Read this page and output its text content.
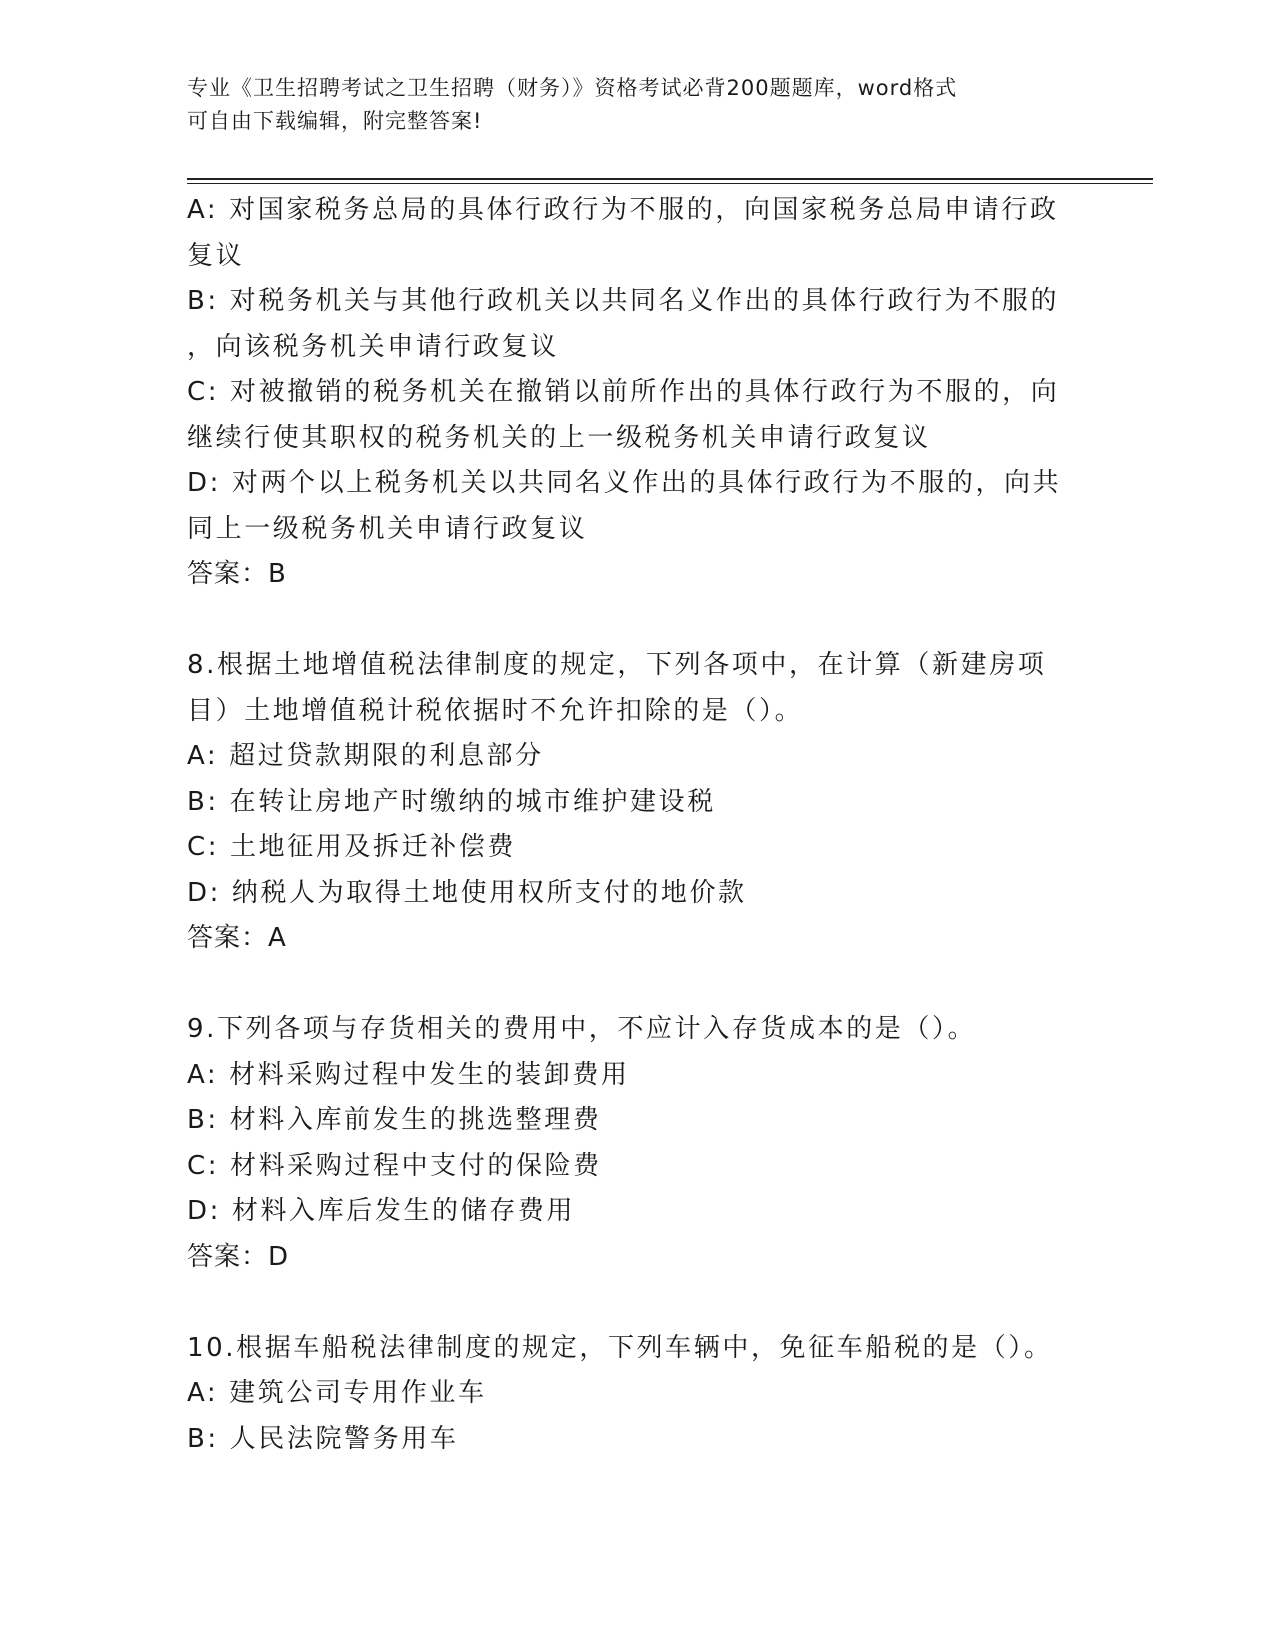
专业《卫生招聘考试之卫生招聘（财务）》资格考试必背200题题库，word格式
可自由下载编辑，附完整答案!
A: 对国家税务总局的具体行政行为不服的，向国家税务总局申请行政
复议
B: 对税务机关与其他行政机关以共同名义作出的具体行政行为不服的
，向该税务机关申请行政复议
C: 对被撤销的税务机关在撤销以前所作出的具体行政行为不服的，向
继续行使其职权的税务机关的上一级税务机关申请行政复议
D: 对两个以上税务机关以共同名义作出的具体行政行为不服的，向共
同上一级税务机关申请行政复议
答案：B
8.根据土地增值税法律制度的规定，下列各项中，在计算（新建房项
目）土地增值税计税依据时不允许扣除的是（）。
A: 超过贷款期限的利息部分
B: 在转让房地产时缴纳的城市维护建设税
C: 土地征用及拆迁补偿费
D: 纳税人为取得土地使用权所支付的地价款
答案：A
9.下列各项与存货相关的费用中，不应计入存货成本的是（）。
A: 材料采购过程中发生的装卸费用
B: 材料入库前发生的挑选整理费
C: 材料采购过程中支付的保险费
D: 材料入库后发生的储存费用
答案：D
10.根据车船税法律制度的规定，下列车辆中，免征车船税的是（）。
A: 建筑公司专用作业车
B: 人民法院警务用车
